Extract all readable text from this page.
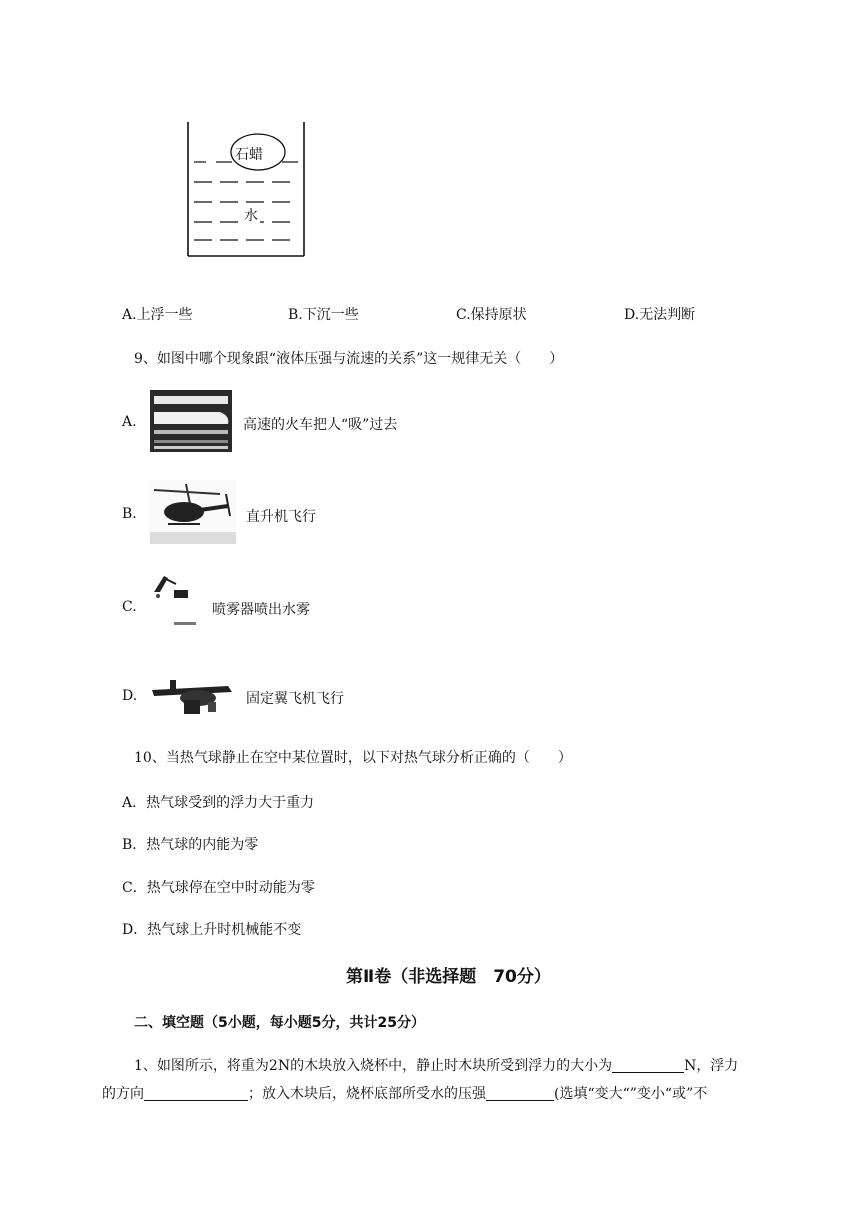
石蜡
水
A.上浮一些	B.下沉一些	C.保持原状	D.无法判断
9、如图中哪个现象跟“液体压强与流速的关系”这一规律无关（　　）
A.	高速的火车把人“吸”过去
B.	直升机飞行
C.	喷雾器喷出水雾
D.	固定翼飞机飞行
10、当热气球静止在空中某位置时，以下对热气球分析正确的（　　）
A．热气球受到的浮力大于重力
B．热气球的内能为零
C．热气球停在空中时动能为零
D．热气球上升时机械能不变
第Ⅱ卷（非选择题　70分）
二、填空题（5小题，每小题5分，共计25分）
1、如图所示，将重为2N的木块放入烧杯中，静止时木块所受到浮力的大小为	N，浮力
的方向	；放入木块后，烧杯底部所受水的压强	(选填“变大“”变小“或”不
